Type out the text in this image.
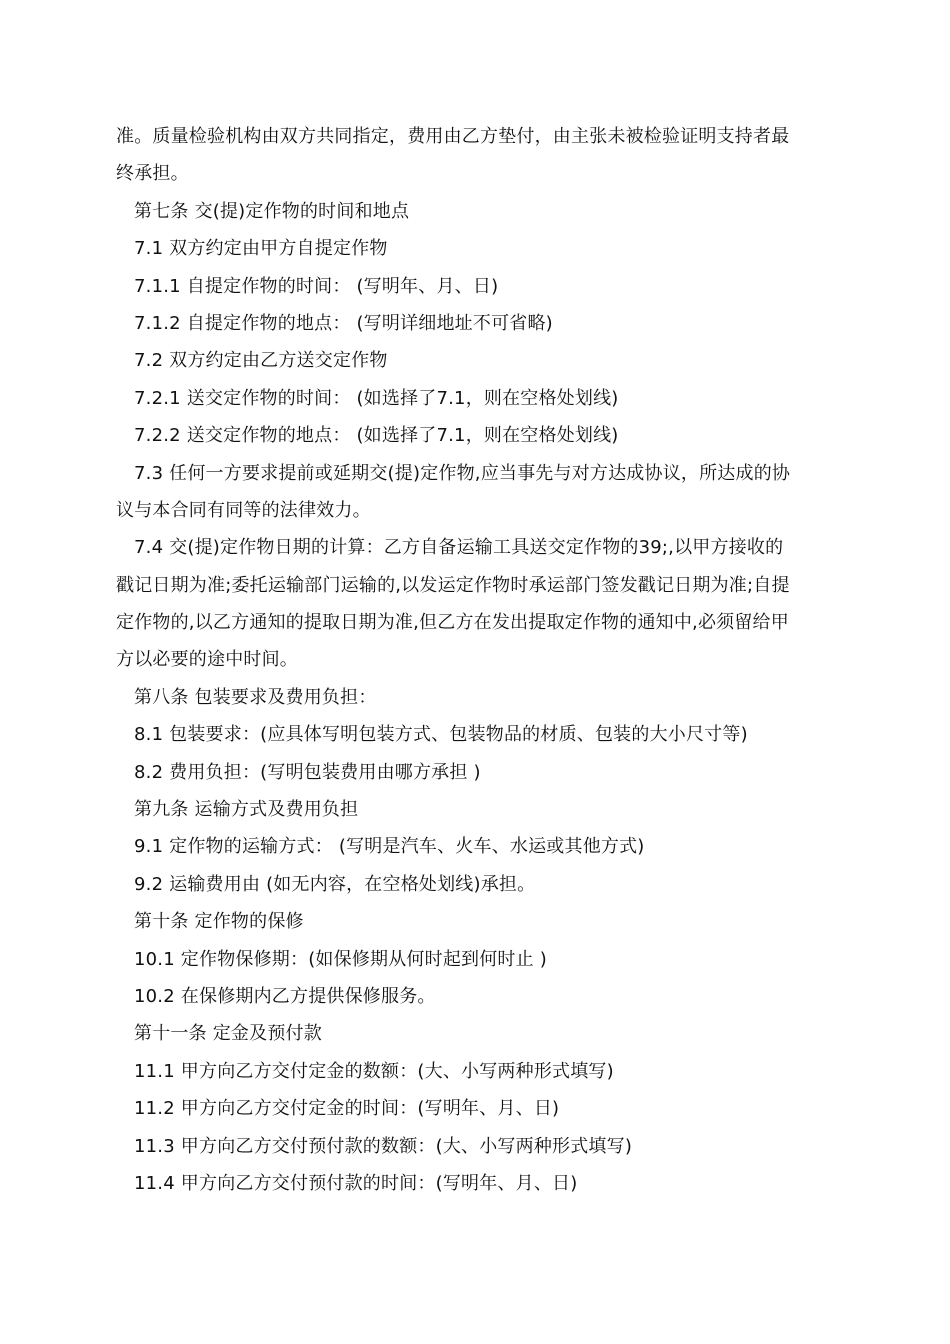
准。质量检验机构由双方共同指定，费用由乙方垫付，由主张未被检验证明支持者最
终承担。
第七条 交(提)定作物的时间和地点
7.1 双方约定由甲方自提定作物
7.1.1 自提定作物的时间： (写明年、月、日)
7.1.2 自提定作物的地点： (写明详细地址不可省略)
7.2 双方约定由乙方送交定作物
7.2.1 送交定作物的时间： (如选择了7.1，则在空格处划线)
7.2.2 送交定作物的地点： (如选择了7.1，则在空格处划线)
7.3 任何一方要求提前或延期交(提)定作物,应当事先与对方达成协议，所达成的协
议与本合同有同等的法律效力。
7.4 交(提)定作物日期的计算：乙方自备运输工具送交定作物的39;,以甲方接收的
戳记日期为准;委托运输部门运输的,以发运定作物时承运部门签发戳记日期为准;自提
定作物的,以乙方通知的提取日期为准,但乙方在发出提取定作物的通知中,必须留给甲
方以必要的途中时间。
第八条 包装要求及费用负担：
8.1 包装要求：(应具体写明包装方式、包装物品的材质、包装的大小尺寸等)
8.2 费用负担：(写明包装费用由哪方承担 )
第九条 运输方式及费用负担
9.1 定作物的运输方式： (写明是汽车、火车、水运或其他方式)
9.2 运输费用由 (如无内容，在空格处划线)承担。
第十条 定作物的保修
10.1 定作物保修期：(如保修期从何时起到何时止 )
10.2 在保修期内乙方提供保修服务。
第十一条 定金及预付款
11.1 甲方向乙方交付定金的数额：(大、小写两种形式填写)
11.2 甲方向乙方交付定金的时间：(写明年、月、日)
11.3 甲方向乙方交付预付款的数额：(大、小写两种形式填写)
11.4 甲方向乙方交付预付款的时间：(写明年、月、日)
